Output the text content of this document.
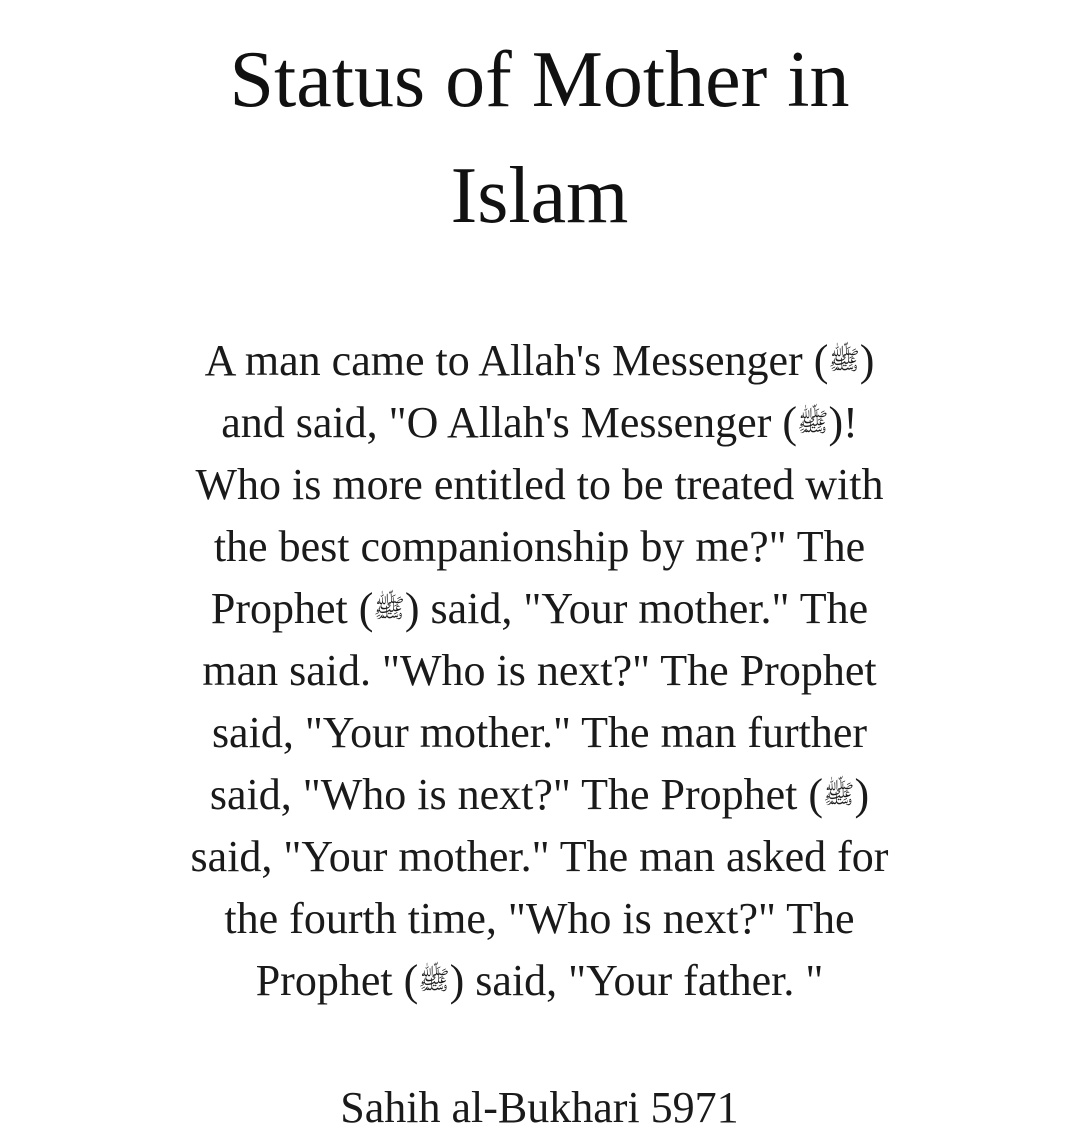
Status of Mother in
Islam
A man came to Allah's Messenger (ﷺ)
and said, "O Allah's Messenger (ﷺ)!
Who is more entitled to be treated with
the best companionship by me?" The
Prophet (ﷺ) said, "Your mother." The
man said. "Who is next?" The Prophet
said, "Your mother." The man further
said, "Who is next?" The Prophet (ﷺ)
said, "Your mother." The man asked for
the fourth time, "Who is next?" The
Prophet (ﷺ) said, "Your father. "

Sahih al-Bukhari 5971
